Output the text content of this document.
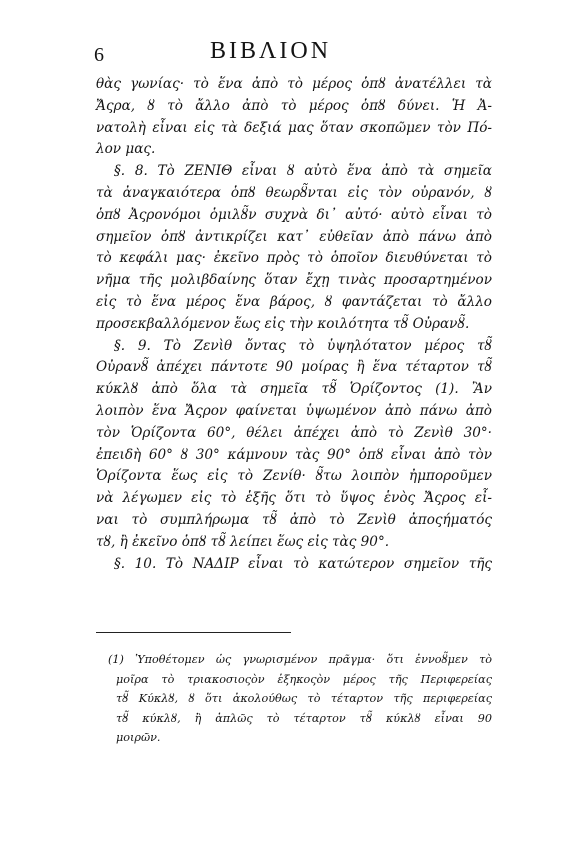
6	ΒΙΒΛΙΟΝ
θὰς γωνίας· τὸ ἕνα ἀπὸ τὸ μέρος ὁπȣ ἀνατέλλει τὰ
Ἄςρα, ȣ τὸ ἄλλο ἀπὸ τὸ μέρος ὁπȣ δύνει. Ἡ Ἀ-
νατολὴ εἶναι εἰς τὰ δεξιά μας ὅταν σκοπῶμεν τὸν Πό-
λον μας.
§. 8. Τὸ ΖΕΝΙΘ εἶναι ȣ αὐτὸ ἕνα ἀπὸ τὰ σημεῖα
τὰ ἀναγκαιότερα ὁπȣ θεωρȣ̃νται εἰς τὸν οὐρανόν, ȣ
ὁπȣ Ἀςρονόμοι ὁμιλȣ̃ν συχνὰ δι᾽ αὐτό· αὐτὸ εἶναι τὸ
σημεῖον ὁπȣ ἀντικρίζει κατ᾽ εὐθεῖαν ἀπὸ πάνω ἀπὸ
τὸ κεφάλι μας· ἐκεῖνο πρὸς τὸ ὁποῖον διευθύνεται τὸ
νῆμα τῆς μολιβδαίνης ὅταν ἔχῃ τινὰς προσαρτημένον
εἰς τὸ ἕνα μέρος ἕνα βάρος, ȣ φαντάζεται τὸ ἄλλο
προσεκβαλλόμενον ἕως εἰς τὴν κοιλότητα τȣ̃ Οὐρανȣ̃.
§. 9. Τὸ Ζενὶθ ὄντας τὸ ὑψηλότατον μέρος τȣ̃
Οὐρανȣ̃ ἀπέχει πάντοτε 90 μοίρας ἢ ἕνα τέταρτον τȣ̃
κύκλȣ ἀπὸ ὅλα τὰ σημεῖα τȣ̃ Ὁρίζοντος (1). Ἂν
λοιπὸν ἕνα Ἄςρον φαίνεται ὑψωμένον ἀπὸ πάνω ἀπὸ
τὸν Ὁρίζοντα 60°, θέλει ἀπέχει ἀπὸ τὸ Ζενὶθ 30°·
ἐπειδὴ 60° ȣ 30° κάμνουν τὰς 90° ὁπȣ εἶναι ἀπὸ τὸν
Ὁρίζοντα ἕως εἰς τὸ Ζενίθ· ȣ̃τω λοιπὸν ἠμποροῦμεν
νὰ λέγωμεν εἰς τὸ ἑξῆς ὅτι τὸ ὕψος ἑνὸς Ἄςρος εἶ-
ναι τὸ συμπλήρωμα τȣ̃ ἀπὸ τὸ Ζενὶθ ἀποςήματός
τȣ, ἢ ἐκεῖνο ὁπȣ τȣ̃ λείπει ἕως εἰς τὰς 90°.
§. 10. Τὸ ΝΑΔΙΡ εἶναι τὸ κατώτερον σημεῖον τῆς
(1) Ὑποθέτομεν ὡς γνωρισμένον πρᾶγμα· ὅτι ἐννοȣ̃μεν τὸ
μοῖρα τὸ τριακοσιοςὸν ἑξηκοςὸν μέρος τῆς Περιφερείας
τȣ̃ Κύκλȣ, ȣ ὅτι ἀκολούθως τὸ τέταρτον τῆς περιφερείας
τȣ̃ κύκλȣ, ἢ ἁπλῶς τὸ τέταρτον τȣ̃ κύκλȣ εἶναι 90
μοιρῶν.
